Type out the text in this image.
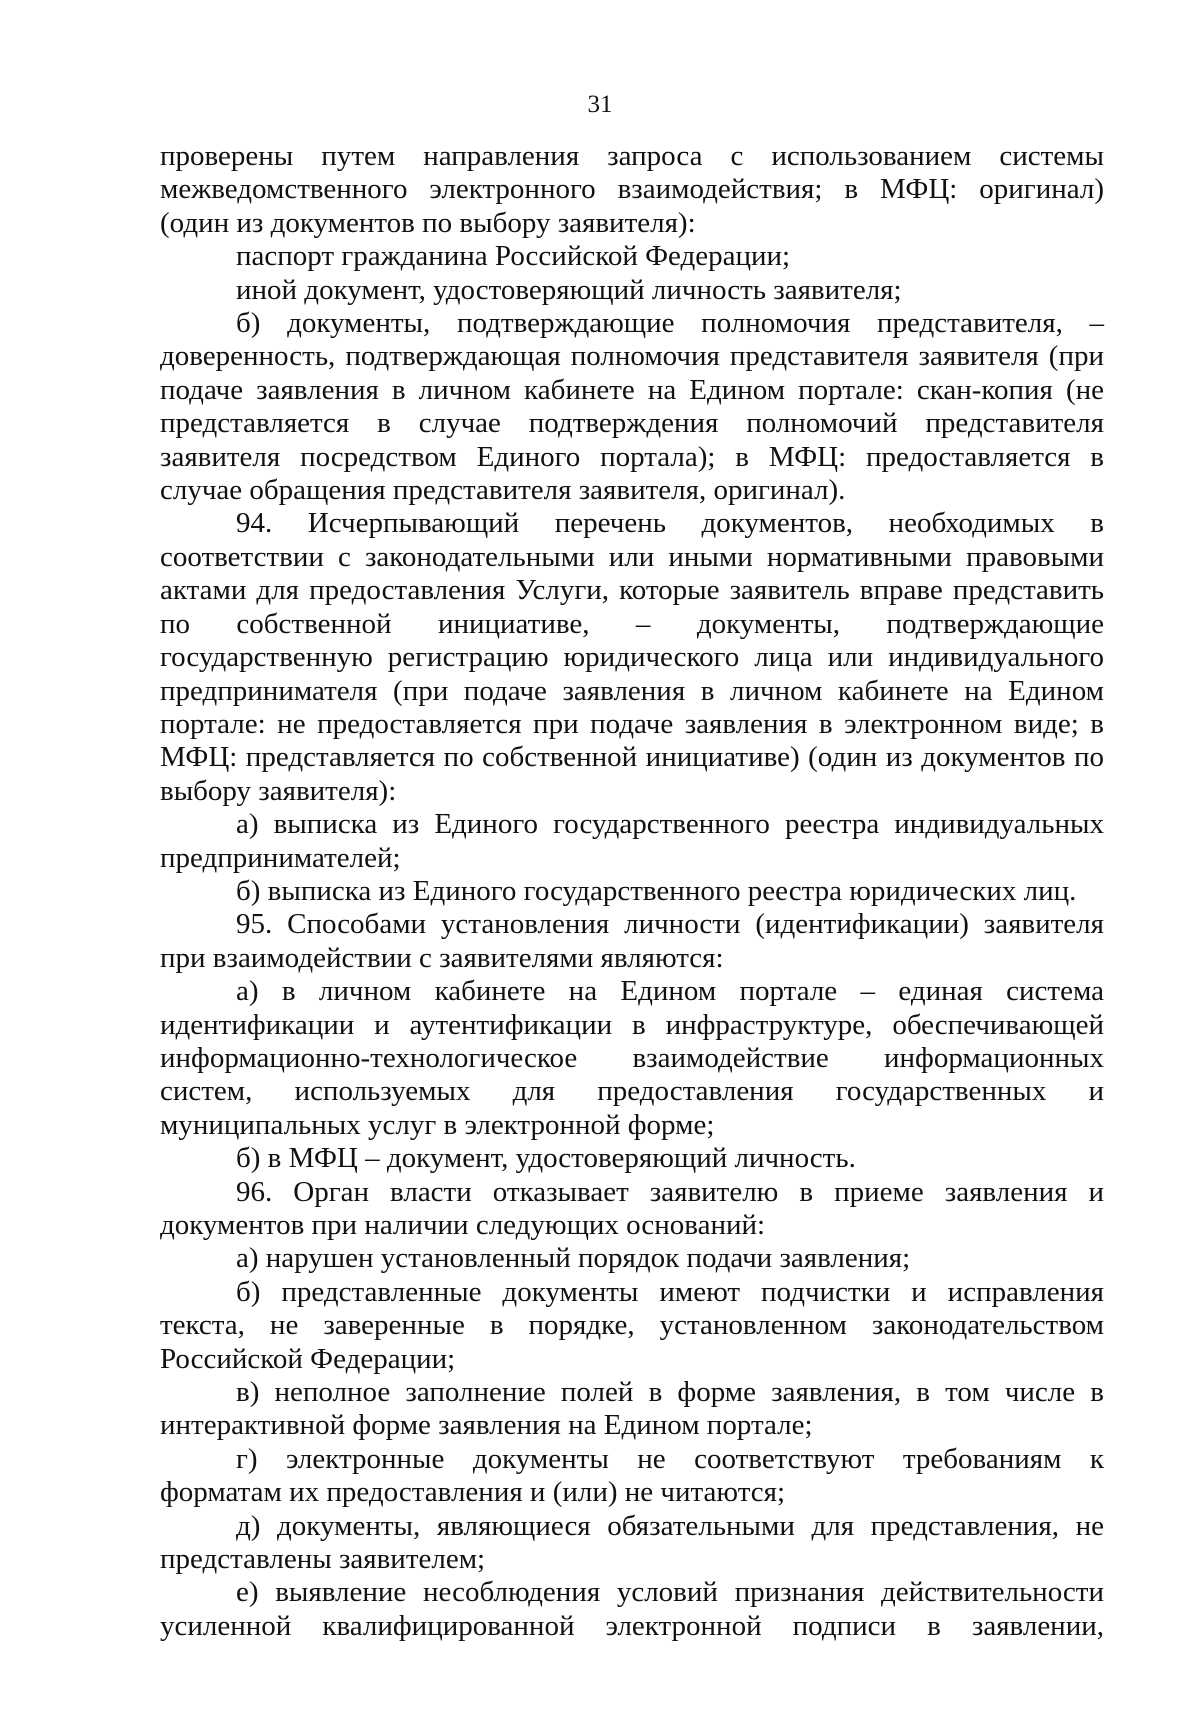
31

проверены путем направления запроса с использованием системы межведомственного электронного взаимодействия; в МФЦ: оригинал) (один из документов по выбору заявителя):

паспорт гражданина Российской Федерации;

иной документ, удостоверяющий личность заявителя;

б) документы, подтверждающие полномочия представителя, – доверенность, подтверждающая полномочия представителя заявителя (при подаче заявления в личном кабинете на Едином портале: скан-копия (не представляется в случае подтверждения полномочий представителя заявителя посредством Единого портала); в МФЦ: предоставляется в случае обращения представителя заявителя, оригинал).

94. Исчерпывающий перечень документов, необходимых в соответствии с законодательными или иными нормативными правовыми актами для предоставления Услуги, которые заявитель вправе представить по собственной инициативе, – документы, подтверждающие государственную регистрацию юридического лица или индивидуального предпринимателя (при подаче заявления в личном кабинете на Едином портале: не предоставляется при подаче заявления в электронном виде; в МФЦ: представляется по собственной инициативе) (один из документов по выбору заявителя):

а) выписка из Единого государственного реестра индивидуальных предпринимателей;

б) выписка из Единого государственного реестра юридических лиц.

95. Способами установления личности (идентификации) заявителя при взаимодействии с заявителями являются:

а) в личном кабинете на Едином портале – единая система идентификации и аутентификации в инфраструктуре, обеспечивающей информационно-технологическое взаимодействие информационных систем, используемых для предоставления государственных и муниципальных услуг в электронной форме;

б) в МФЦ – документ, удостоверяющий личность.

96. Орган власти отказывает заявителю в приеме заявления и документов при наличии следующих оснований:

а) нарушен установленный порядок подачи заявления;

б) представленные документы имеют подчистки и исправления текста, не заверенные в порядке, установленном законодательством Российской Федерации;

в) неполное заполнение полей в форме заявления, в том числе в интерактивной форме заявления на Едином портале;

г) электронные документы не соответствуют требованиям к форматам их предоставления и (или) не читаются;

д) документы, являющиеся обязательными для представления, не представлены заявителем;

е) выявление несоблюдения условий признания действительности усиленной квалифицированной электронной подписи в заявлении,
